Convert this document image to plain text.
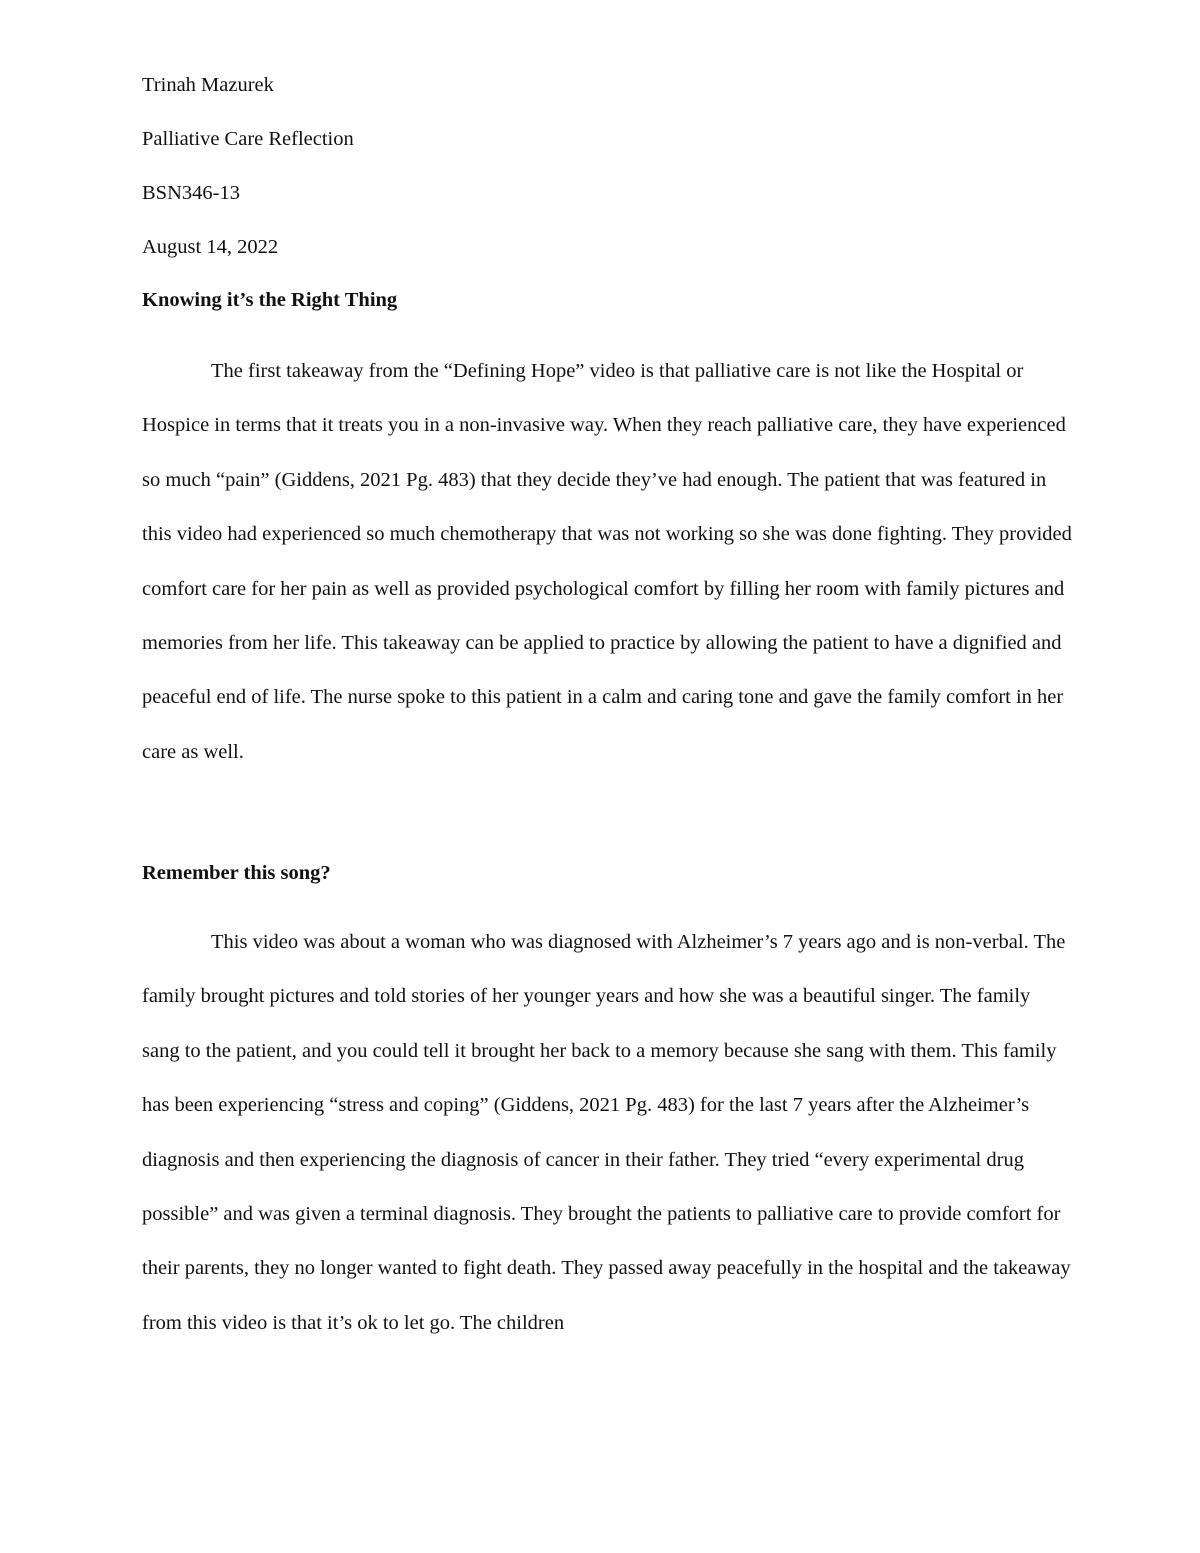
Trinah Mazurek
Palliative Care Reflection
BSN346-13
August 14, 2022
Knowing it’s the Right Thing

The first takeaway from the “Defining Hope” video is that palliative care is not like the Hospital or Hospice in terms that it treats you in a non-invasive way. When they reach palliative care, they have experienced so much “pain” (Giddens, 2021 Pg. 483) that they decide they’ve had enough. The patient that was featured in this video had experienced so much chemotherapy that was not working so she was done fighting. They provided comfort care for her pain as well as provided psychological comfort by filling her room with family pictures and memories from her life. This takeaway can be applied to practice by allowing the patient to have a dignified and peaceful end of life. The nurse spoke to this patient in a calm and caring tone and gave the family comfort in her care as well.

Remember this song?

This video was about a woman who was diagnosed with Alzheimer’s 7 years ago and is non-verbal. The family brought pictures and told stories of her younger years and how she was a beautiful singer. The family sang to the patient, and you could tell it brought her back to a memory because she sang with them. This family has been experiencing “stress and coping” (Giddens, 2021 Pg. 483) for the last 7 years after the Alzheimer’s diagnosis and then experiencing the diagnosis of cancer in their father. They tried “every experimental drug possible” and was given a terminal diagnosis. They brought the patients to palliative care to provide comfort for their parents, they no longer wanted to fight death. They passed away peacefully in the hospital and the takeaway from this video is that it’s ok to let go. The children
